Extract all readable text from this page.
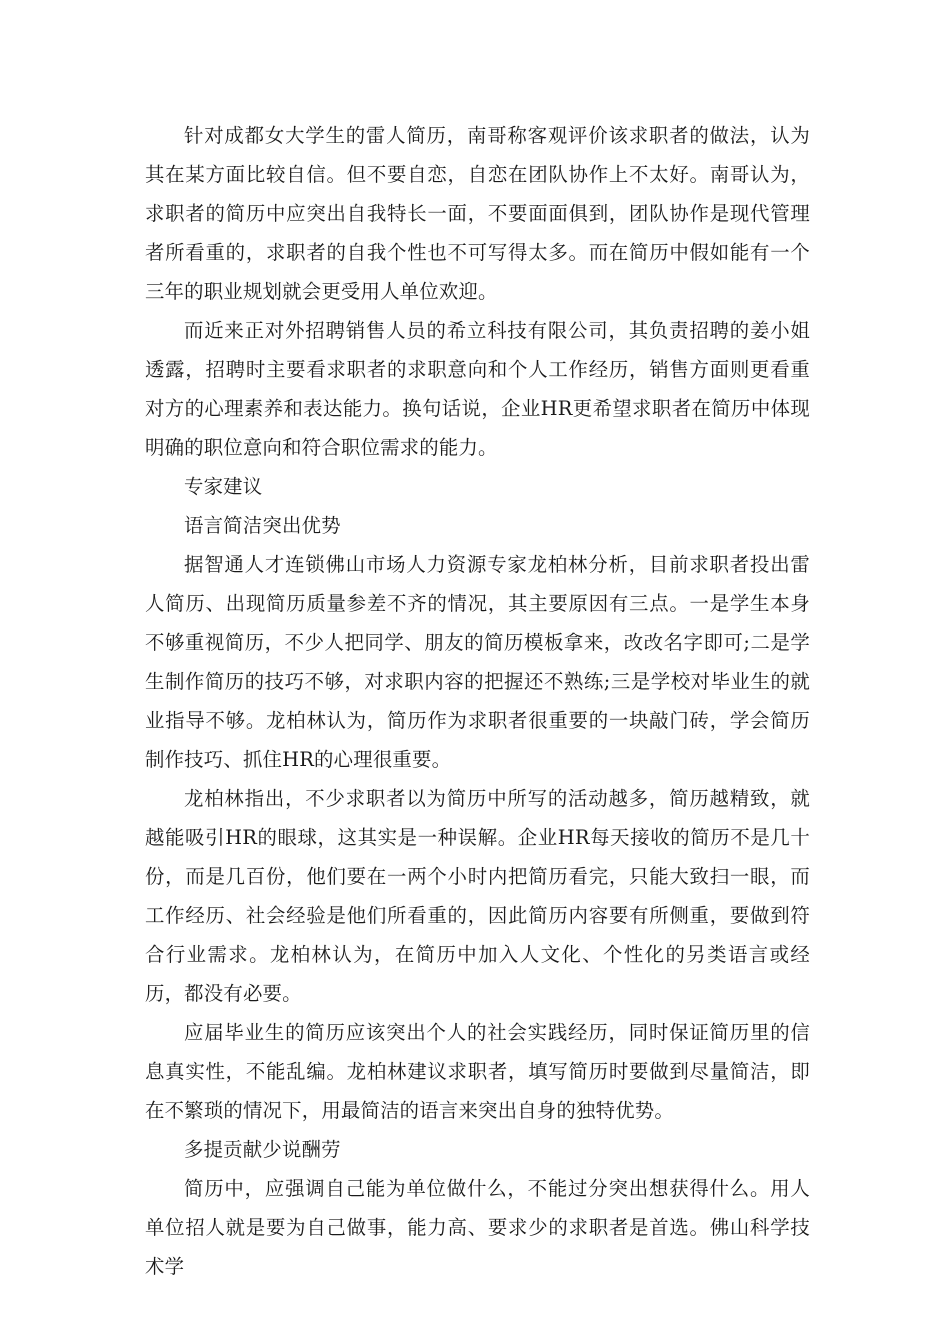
针对成都女大学生的雷人简历，南哥称客观评价该求职者的做法，认为其在某方面比较自信。但不要自恋，自恋在团队协作上不太好。南哥认为，求职者的简历中应突出自我特长一面，不要面面俱到，团队协作是现代管理者所看重的，求职者的自我个性也不可写得太多。而在简历中假如能有一个三年的职业规划就会更受用人单位欢迎。

而近来正对外招聘销售人员的希立科技有限公司，其负责招聘的姜小姐透露，招聘时主要看求职者的求职意向和个人工作经历，销售方面则更看重对方的心理素养和表达能力。换句话说，企业HR更希望求职者在简历中体现明确的职位意向和符合职位需求的能力。

专家建议

语言简洁突出优势

据智通人才连锁佛山市场人力资源专家龙柏林分析，目前求职者投出雷人简历、出现简历质量参差不齐的情况，其主要原因有三点。一是学生本身不够重视简历，不少人把同学、朋友的简历模板拿来，改改名字即可;二是学生制作简历的技巧不够，对求职内容的把握还不熟练;三是学校对毕业生的就业指导不够。龙柏林认为，简历作为求职者很重要的一块敲门砖，学会简历制作技巧、抓住HR的心理很重要。

龙柏林指出，不少求职者以为简历中所写的活动越多，简历越精致，就越能吸引HR的眼球，这其实是一种误解。企业HR每天接收的简历不是几十份，而是几百份，他们要在一两个小时内把简历看完，只能大致扫一眼，而工作经历、社会经验是他们所看重的，因此简历内容要有所侧重，要做到符合行业需求。龙柏林认为，在简历中加入人文化、个性化的另类语言或经历，都没有必要。

应届毕业生的简历应该突出个人的社会实践经历，同时保证简历里的信息真实性，不能乱编。龙柏林建议求职者，填写简历时要做到尽量简洁，即在不繁琐的情况下，用最简洁的语言来突出自身的独特优势。

多提贡献少说酬劳

简历中，应强调自己能为单位做什么，不能过分突出想获得什么。用人单位招人就是要为自己做事，能力高、要求少的求职者是首选。佛山科学技术学
